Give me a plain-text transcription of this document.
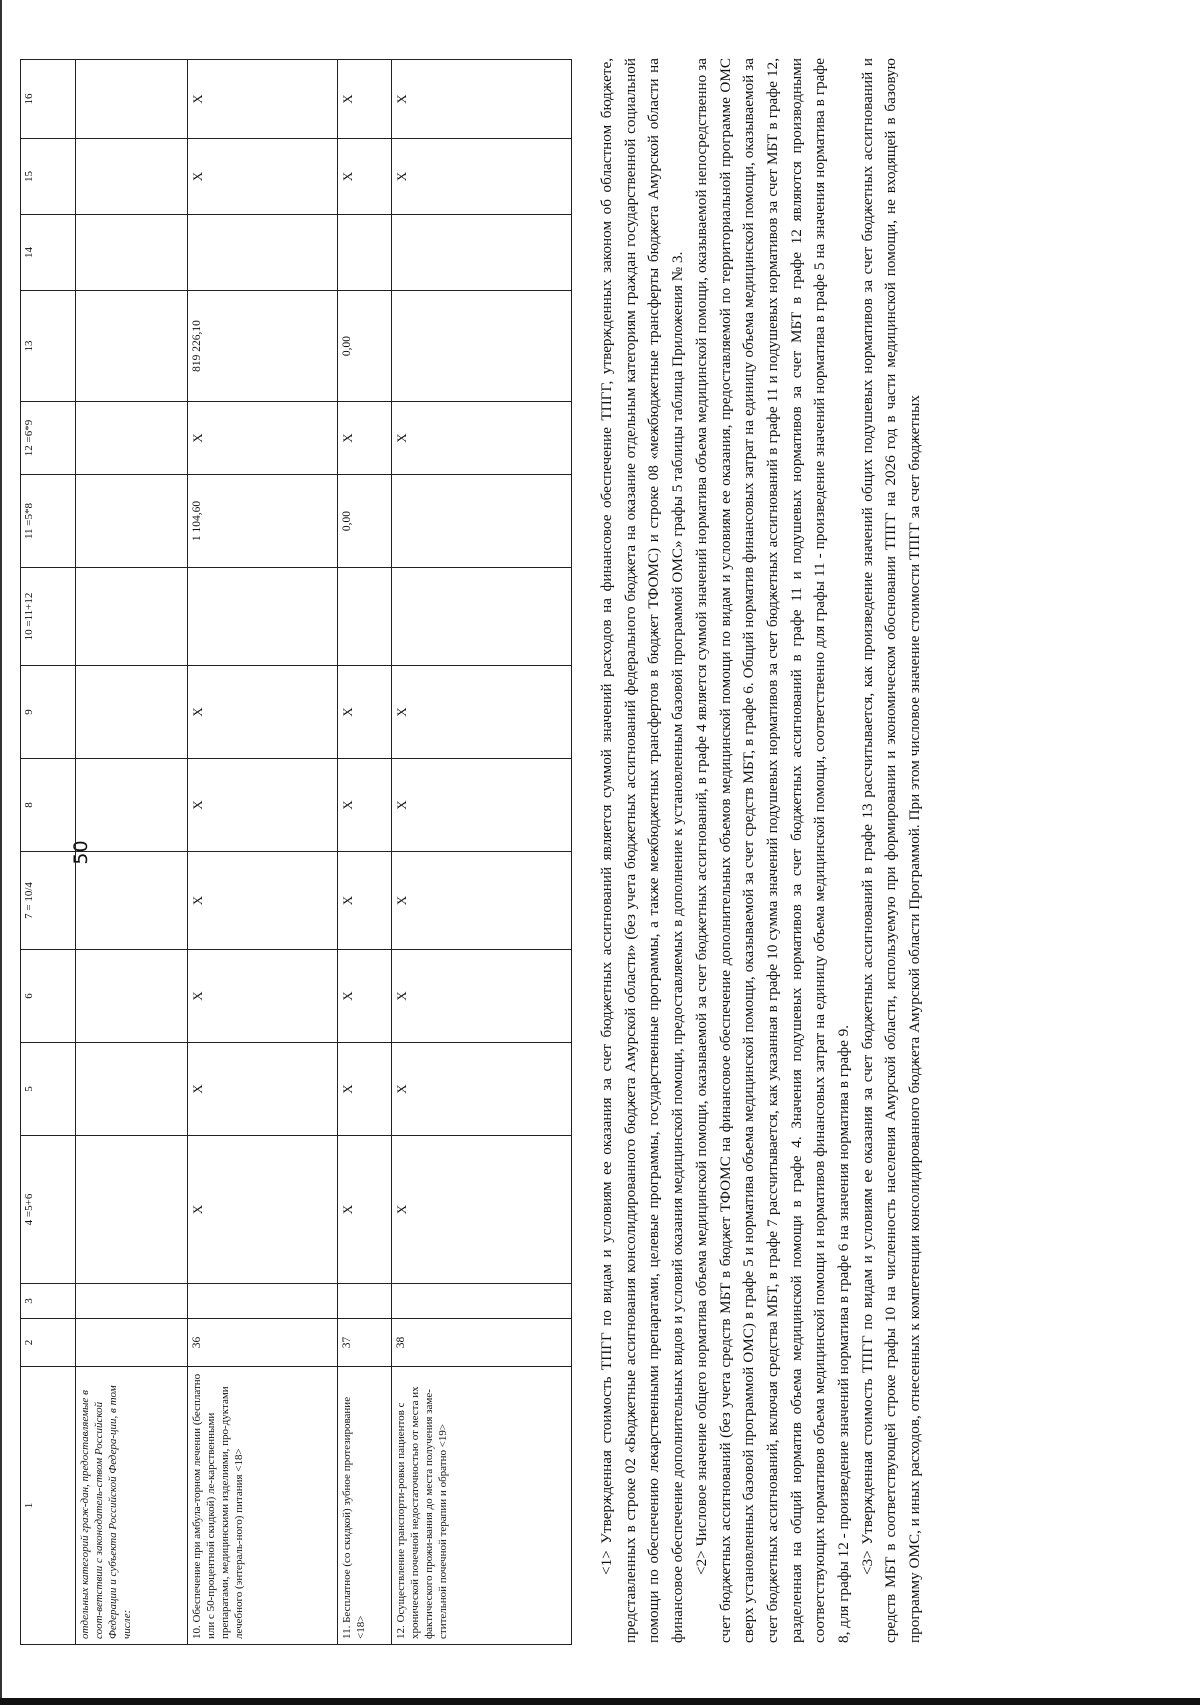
50
1	2	3	4 =5+6	5	6	7 = 10/4	8	9	10 =11+12	11 =5*8	12 =6*9	13	14	15	16
отдельных категорий граж-дан, предоставляемые в соот-ветствии с законодатель-ством Российской Федерации и субъекта Российской Федера-ции, в том числе:															
10. Обеспечение при амбула-торном лечении (бесплатно или с 50-процентной скидкой) ле-карственными препаратами, медицинскими изделиями, про-дуктами лечебного (энтераль-ного) питания <18>	36		X	X	X	X	X	X		1 104,60	X	819 226,10		X	X
11. Бесплатное (со скидкой) зубное протезирование <18>	37		X	X	X	X	X	X		0,00	X	0,00		X	X
12. Осуществление транспорти-ровки пациентов с хронической почечной недостаточностью от места их фактического прожи-вания до места получения заме-стительной почечной терапии и обратно <19>	38		X	X	X	X	X	X			X			X	X	<1> Утвержденная стоимость ТПГГ по видам и условиям ее оказания за счет бюджетных ассигнований является суммой значений расходов на финансовое обеспечение ТПГГ, утвержденных законом об областном бюджете, представленных в строке 02 «Бюджетные ассигнования консолидированного бюджета Амурской области» (без учета бюджетных ассигнований федерального бюджета на оказание отдельным категориям граждан государственной социальной помощи по обеспечению лекарственными препаратами, целевые программы, государственные программы, а также межбюджетных трансфертов в бюджет ТФОМС) и строке 08 «межбюджетные трансферты бюджета Амурской области на финансовое обеспечение дополнительных видов и условий оказания медицинской помощи, предоставляемых в дополнение к установленным базовой программой ОМС» графы 5 таблицы таблица Приложения № 3. <2> Числовое значение общего норматива объема медицинской помощи, оказываемой за счет бюджетных ассигнований, в графе 4 является суммой значений норматива объема медицинской помощи, оказываемой непосредственно за счет бюджетных ассигнований (без учета средств МБТ в бюджет ТФОМС на финансовое обеспечение дополнительных объемов медицинской помощи по видам и условиям ее оказания, предоставляемой по территориальной программе ОМС сверх установленных базовой программой ОМС) в графе 5 и норматива объема медицинской помощи, оказываемой за счет средств МБТ, в графе 6. Общий норматив финансовых затрат на единицу объема медицинской помощи, оказываемой за счет бюджетных ассигнований, включая средства МБТ, в графе 7 рассчитывается, как указанная в графе 10 сумма значений подушевых нормативов за счет бюджетных ассигнований в графе 11 и подушевых нормативов за счет МБТ в графе 12, разделенная на общий норматив объема медицинской помощи в графе 4. Значения подушевых нормативов за счет бюджетных ассигнований в графе 11 и подушевых нормативов за счет МБТ в графе 12 являются производными соответствующих нормативов объема медицинской помощи и нормативов финансовых затрат на единицу объема медицинской помощи, соответственно для графы 11 - произведение значений норматива в графе 5 на значения норматива в графе 8, для графы 12 - произведение значений норматива в графе 6 на значения норматива в графе 9. <3> Утвержденная стоимость ТПГГ по видам и условиям ее оказания за счет бюджетных ассигнований в графе 13 рассчитывается, как произведение значений общих подушевых нормативов за счет бюджетных ассигнований и средств МБТ в соответствующей строке графы 10 на численность населения Амурской области, используемую при формировании и экономическом обосновании ТПГГ на 2026 год в части медицинской помощи, не входящей в базовую программу ОМС, и иных расходов, отнесенных к компетенции консолидированного бюджета Амурской области Программой. При этом числовое значение стоимости ТПГГ за счет бюджетных
